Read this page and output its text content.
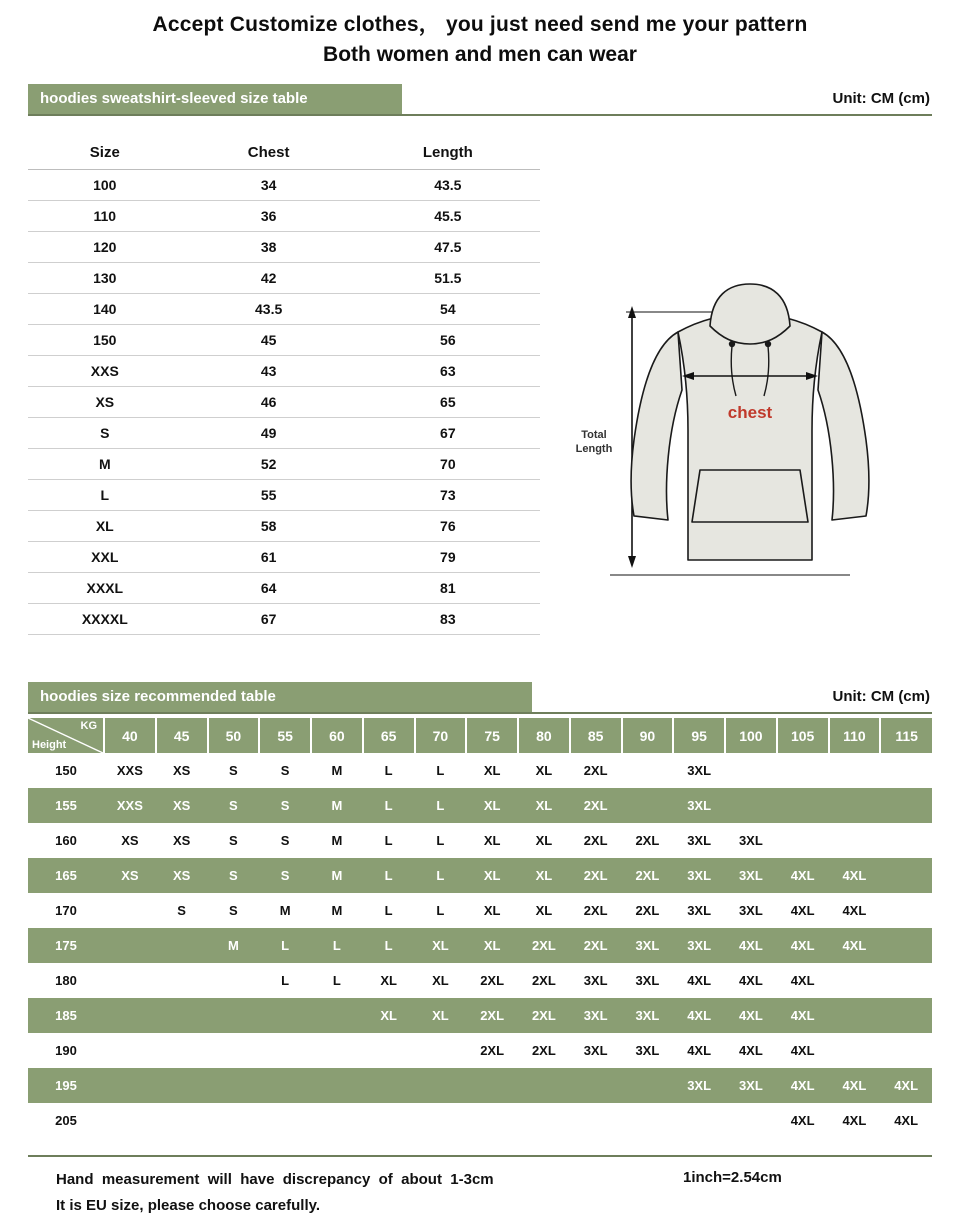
Accept Customize clothes， you just need send me your pattern
Both women and men can wear
hoodies sweatshirt-sleeved size table	Unit: CM (cm)
Size	Chest	Length
100	34	43.5
110	36	45.5
120	38	47.5
130	42	51.5
140	43.5	54
150	45	56
XXS	43	63
XS	46	65
S	49	67
M	52	70
L	55	73
XL	58	76
XXL	61	79
XXXL	64	81
XXXXL	67	83
Total
Length
chest
hoodies size recommended table	Unit: CM (cm)
KG
Height	40	45	50	55	60	65	70	75	80	85	90	95	100	105	110	115
150	XXS	XS	S	S	M	L	L	XL	XL	2XL		3XL				
155	XXS	XS	S	S	M	L	L	XL	XL	2XL		3XL				
160	XS	XS	S	S	M	L	L	XL	XL	2XL	2XL	3XL	3XL			
165	XS	XS	S	S	M	L	L	XL	XL	2XL	2XL	3XL	3XL	4XL	4XL	
170		S	S	M	M	L	L	XL	XL	2XL	2XL	3XL	3XL	4XL	4XL	
175			M	L	L	L	XL	XL	2XL	2XL	3XL	3XL	4XL	4XL	4XL	
180				L	L	XL	XL	2XL	2XL	3XL	3XL	4XL	4XL	4XL		
185						XL	XL	2XL	2XL	3XL	3XL	4XL	4XL	4XL		
190								2XL	2XL	3XL	3XL	4XL	4XL	4XL		
195												3XL	3XL	4XL	4XL	4XL
205														4XL	4XL	4XL
Hand  measurement  will  have  discrepancy  of  about  1-3cm	1inch=2.54cm
It is EU size, please choose carefully.
